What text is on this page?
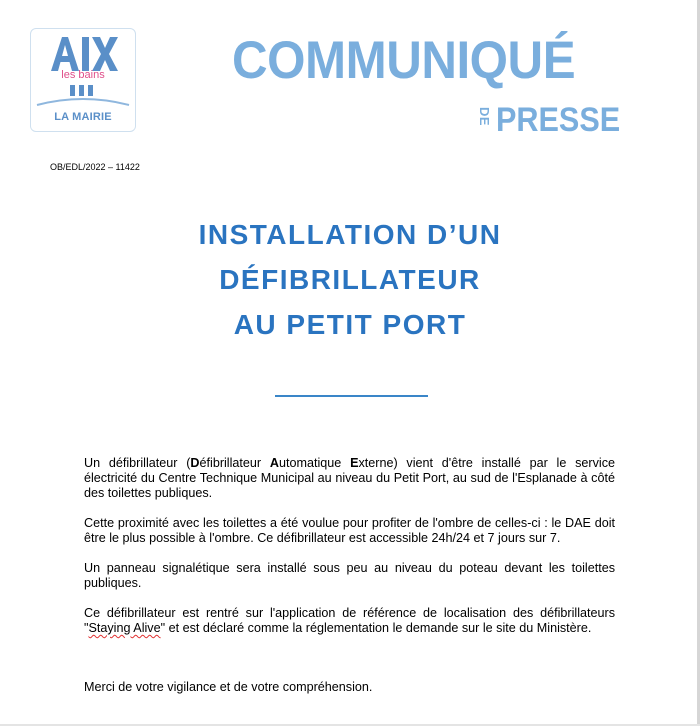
les bains
LA MAIRIE
COMMUNIQUÉ
DE PRESSE
OB/EDL/2022 – 11422
INSTALLATION D’UN
DÉFIBRILLATEUR
AU PETIT PORT

Un défibrillateur (Défibrillateur Automatique Externe) vient d'être installé par le service électricité du Centre Technique Municipal au niveau du Petit Port, au sud de l'Esplanade à côté des toilettes publiques.

Cette proximité avec les toilettes a été voulue pour profiter de l'ombre de celles-ci : le DAE doit être le plus possible à l'ombre. Ce défibrillateur est accessible 24h/24 et 7 jours sur 7.

Un panneau signalétique sera installé sous peu au niveau du poteau devant les toilettes publiques.

Ce défibrillateur est rentré sur l'application de référence de localisation des défibrillateurs "Staying Alive" et est déclaré comme la réglementation le demande sur le site du Ministère.

Merci de votre vigilance et de votre compréhension.
